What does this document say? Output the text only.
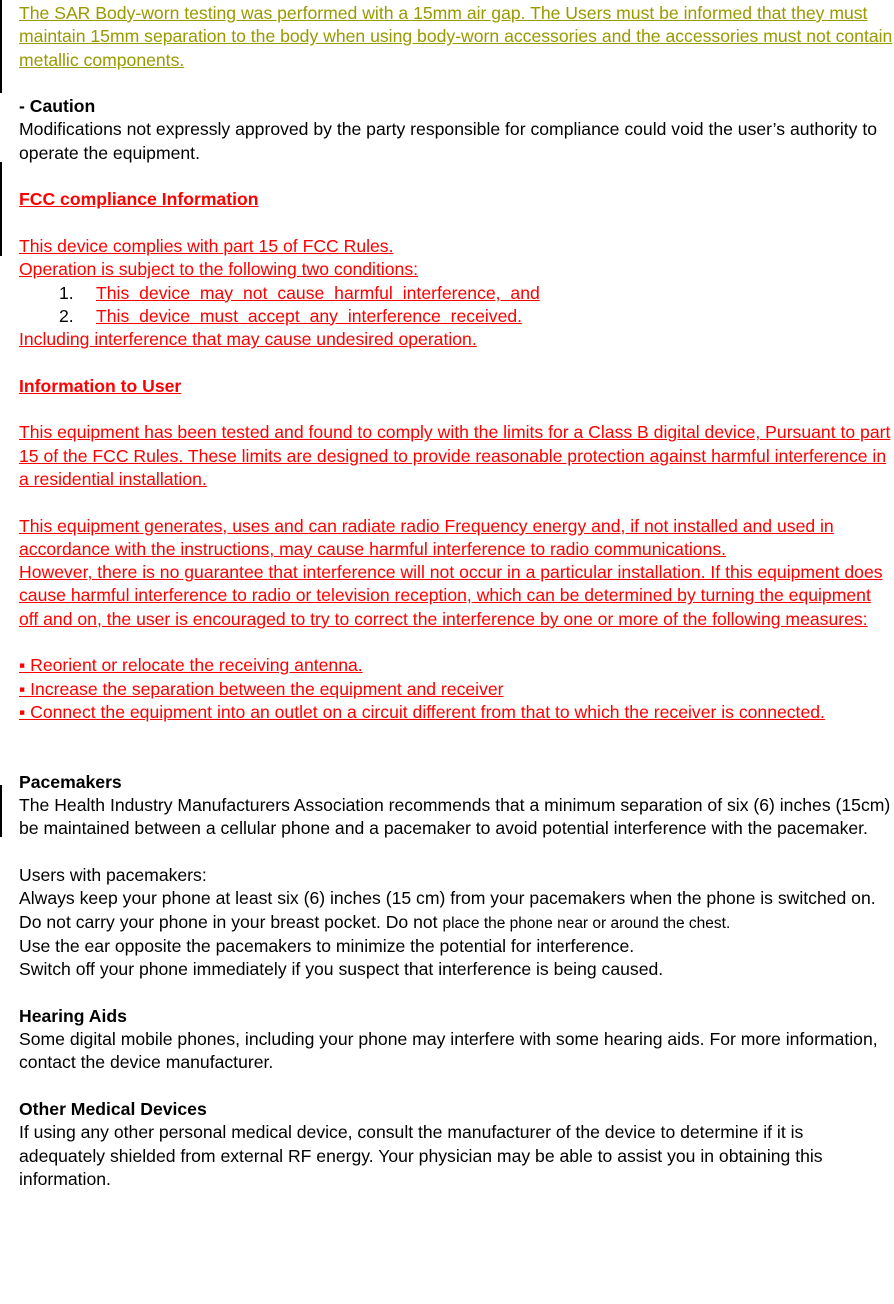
The SAR Body-worn testing was performed with a 15mm air gap. The Users must be informed that they must maintain 15mm separation to the body when using body-worn accessories and the accessories must not contain metallic components.

- Caution

Modifications not expressly approved by the party responsible for compliance could void the user’s authority to operate the equipment.

FCC compliance Information

This device complies with part 15 of FCC Rules.

Operation is subject to the following two conditions:

1. This device may not cause harmful interference, and

2. This device must accept any interference received.

Including interference that may cause undesired operation.

Information to User

This equipment has been tested and found to comply with the limits for a Class B digital device, Pursuant to part 15 of the FCC Rules. These limits are designed to provide reasonable protection against harmful interference in a residential installation.

This equipment generates, uses and can radiate radio Frequency energy and, if not installed and used in accordance with the instructions, may cause harmful interference to radio communications.

However, there is no guarantee that interference will not occur in a particular installation. If this equipment does cause harmful interference to radio or television reception, which can be determined by turning the equipment off and on, the user is encouraged to try to correct the interference by one or more of the following measures:

▪ Reorient or relocate the receiving antenna.

▪ Increase the separation between the equipment and receiver

▪ Connect the equipment into an outlet on a circuit different from that to which the receiver is connected.

Pacemakers

The Health Industry Manufacturers Association recommends that a minimum separation of six (6) inches (15cm) be maintained between a cellular phone and a pacemaker to avoid potential interference with the pacemaker.

Users with pacemakers:

Always keep your phone at least six (6) inches (15 cm) from your pacemakers when the phone is switched on.

Do not carry your phone in your breast pocket. Do not place the phone near or around the chest.

Use the ear opposite the pacemakers to minimize the potential for interference.

Switch off your phone immediately if you suspect that interference is being caused.

Hearing Aids

Some digital mobile phones, including your phone may interfere with some hearing aids. For more information, contact the device manufacturer.

Other Medical Devices

If using any other personal medical device, consult the manufacturer of the device to determine if it is adequately shielded from external RF energy. Your physician may be able to assist you in obtaining this information.
